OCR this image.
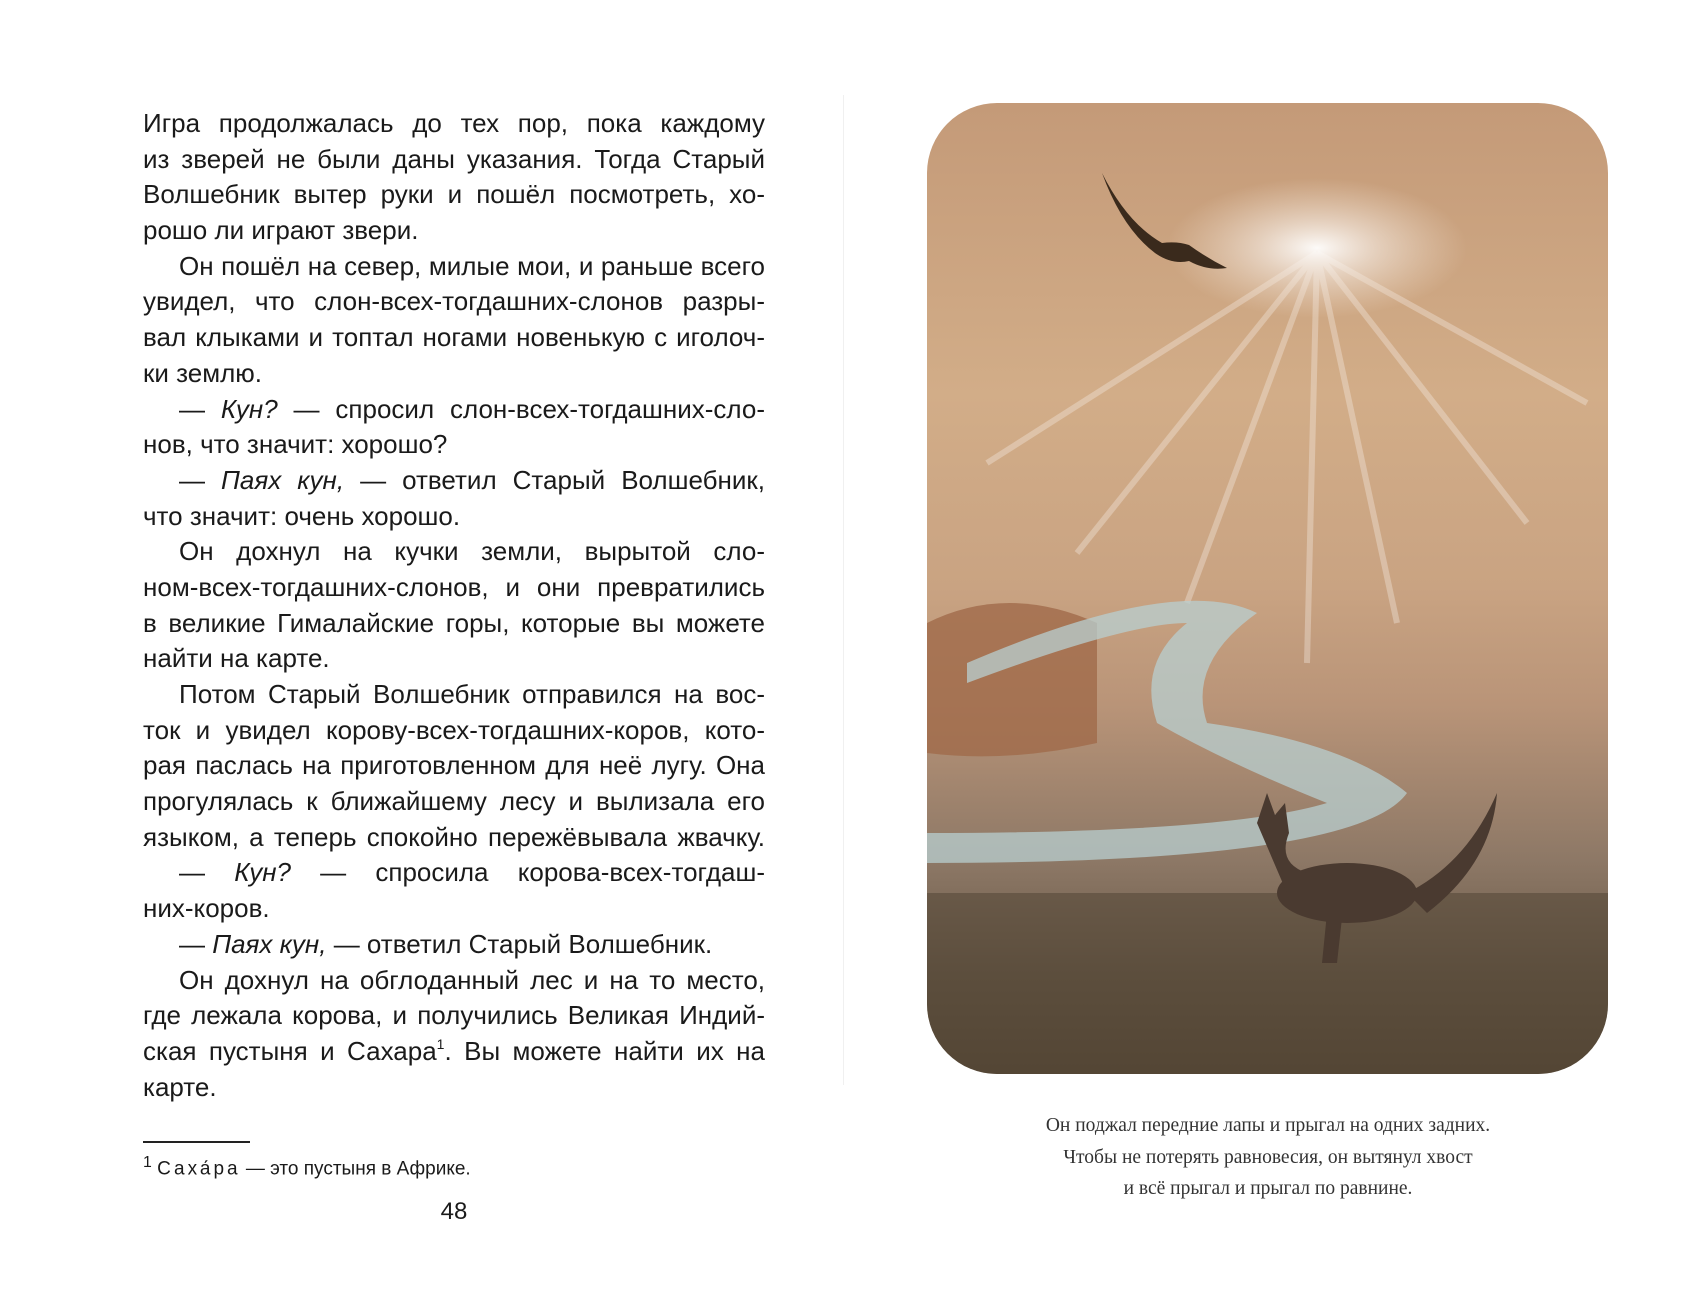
Игра продолжалась до тех пор, пока каждому
из зверей не были даны указания. Тогда Старый
Волшебник вытер руки и пошёл посмотреть, хо-
рошо ли играют звери.
Он пошёл на север, милые мои, и раньше всего
увидел, что слон-всех-тогдашних-слонов разры-
вал клыками и топтал ногами новенькую с иголоч-
ки землю.
— Кун? — спросил слон-всех-тогдашних-сло-
нов, что значит: хорошо?
— Паях кун, — ответил Старый Волшебник,
что значит: очень хорошо.
Он дохнул на кучки земли, вырытой сло-
ном-всех-тогдашних-слонов, и они превратились
в великие Гималайские горы, которые вы можете
найти на карте.
Потом Старый Волшебник отправился на вос-
ток и увидел корову-всех-тогдашних-коров, кото-
рая паслась на приготовленном для неё лугу. Она
прогулялась к ближайшему лесу и вылизала его
языком, а теперь спокойно пережёвывала жвачку.
— Кун? — спросила корова-всех-тогдаш-
них-коров.
— Паях кун, — ответил Старый Волшебник.
Он дохнул на обглоданный лес и на то место,
где лежала корова, и получились Великая Индий-
ская пустыня и Сахара$^1$. Вы можете найти их на
карте.
$^1$ Саха́ра — это пустыня в Африке.
48
Он поджал передние лапы и прыгал на одних задних.
Чтобы не потерять равновесия, он вытянул хвост
и всё прыгал и прыгал по равнине.
